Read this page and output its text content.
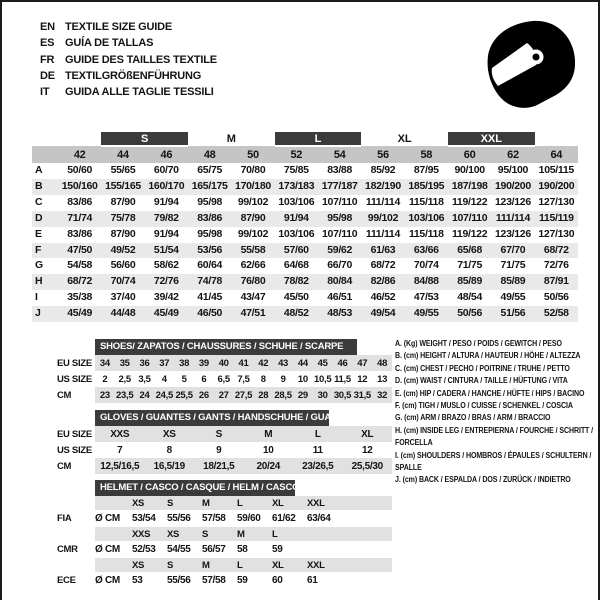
EN TEXTILE SIZE GUIDE
ES GUÍA DE TALLAS
FR GUIDE DES TAILLES TEXTILE
DE TEXTILGRÖßENFÜHRUNG
IT	GUIDA ALLE TAGLIE TESSILI
		S		M		L		XL		XXL		
	42	44	46	48	50	52	54	56	58	60	62	64
A	50/60	55/65	60/70	65/75	70/80	75/85	83/88	85/92	87/95	90/100	95/100	105/115
B	150/160	155/165	160/170	165/175	170/180	173/183	177/187	182/190	185/195	187/198	190/200	190/200
C	83/86	87/90	91/94	95/98	99/102	103/106	107/110	111/114	115/118	119/122	123/126	127/130
D	71/74	75/78	79/82	83/86	87/90	91/94	95/98	99/102	103/106	107/110	111/114	115/119
E	83/86	87/90	91/94	95/98	99/102	103/106	107/110	111/114	115/118	119/122	123/126	127/130
F	47/50	49/52	51/54	53/56	55/58	57/60	59/62	61/63	63/66	65/68	67/70	68/72
G	54/58	56/60	58/62	60/64	62/66	64/68	66/70	68/72	70/74	71/75	71/75	72/76
H	68/72	70/74	72/76	74/78	76/80	78/82	80/84	82/86	84/88	85/89	85/89	87/91
I	35/38	37/40	39/42	41/45	43/47	45/50	46/51	46/52	47/53	48/54	49/55	50/56
J	45/49	44/48	45/49	46/50	47/51	48/52	48/53	49/54	49/55	50/56	51/56	52/58
SHOES/ ZAPATOS / CHAUSSURES / SCHUHE / SCARPE
EU SIZE	34	35	36	37	38	39	40	41	42	43	44	45	46	47	48
US SIZE	2	2,5	3,5	4	5	6	6,5	7,5	8	9	10	10,5	11,5	12	13
CM	23	23,5	24	24,5	25,5	26	27	27,5	28	28,5	29	30	30,5	31,5	32
GLOVES / GUANTES / GANTS / HANDSCHUHE / GUANTI
EU SIZE	XXS	XS	S	M	L	XL
US SIZE	7	8	9	10	11	12
CM	12,5/16,5	16,5/19	18/21,5	20/24	23/26,5	25,5/30
HELMET / CASCO / CASQUE / HELM / CASCO
		XS	S	M	L	XL	XXL	
FIA	Ø CM	53/54	55/56	57/58	59/60	61/62	63/64	
		XXS	XS	S	M	L		
CMR	Ø CM	52/53	54/55	56/57	58	59		
		XS	S	M	L	XL	XXL	
ECE	Ø CM	53	55/56	57/58	59	60	61	
A. (Kg) WEIGHT / PESO / POIDS / GEWITCH / PESO
B. (cm) HEIGHT / ALTURA / HAUTEUR / HÖHE / ALTEZZA
C. (cm) CHEST / PECHO / POITRINE / TRUHE / PETTO
D. (cm) WAIST / CINTURA / TAILLE / HÜFTUNG / VITA
E. (cm) HIP / CADERA / HANCHE / HÜFTE / HIPS / BACINO
F. (cm) TIGH / MUSLO / CUISSE / SCHENKEL / COSCIA
G. (cm) ARM / BRAZO / BRAS / ARM / BRACCIO
H. (cm) INSIDE LEG / ENTREPIERNA / FOURCHE / SCHRITT / FORCELLA
I. (cm) SHOULDERS / HOMBROS / ÉPAULES / SCHULTERN / SPALLE
J. (cm) BACK / ESPALDA / DOS / ZURÜCK / INDIETRO
